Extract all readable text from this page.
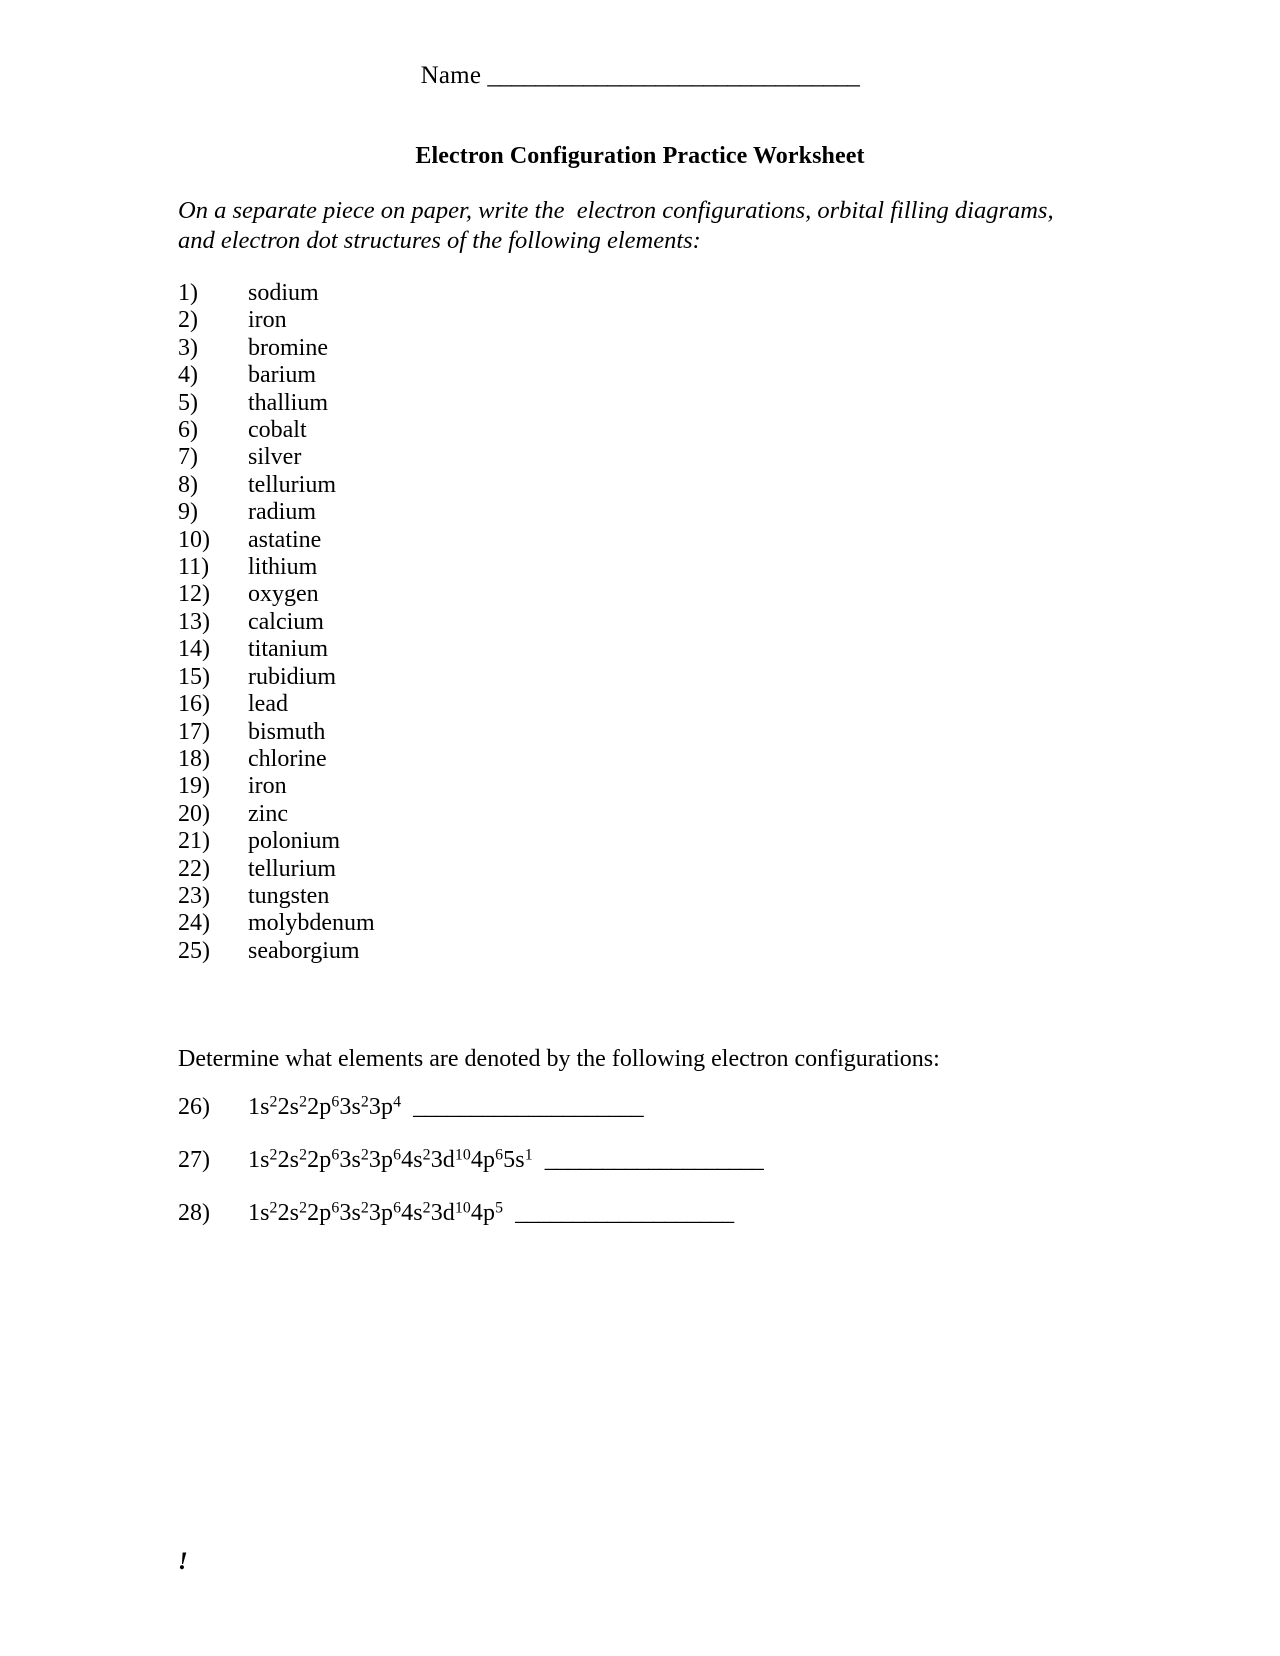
Name _______________________________
Electron Configuration Practice Worksheet
On a separate piece on paper, write the  electron configurations, orbital filling diagrams,
and electron dot structures of the following elements:
1)	sodium
2)	iron
3)	bromine
4)	barium
5)	thallium
6)	cobalt
7)	silver
8)	tellurium
9)	radium
10)	astatine
11)	lithium
12)	oxygen
13)	calcium
14)	titanium
15)	rubidium
16)	lead
17)	bismuth
18)	chlorine
19)	iron
20)	zinc
21)	polonium
22)	tellurium
23)	tungsten
24)	molybdenum
25)	seaborgium
Determine what elements are denoted by the following electron configurations:
26)	$1s^22s^22p^63s^23p^4$ ____________________
27)	$1s^22s^22p^63s^23p^64s^23d^{10}4p^65s^1$ ___________________
28)	$1s^22s^22p^63s^23p^64s^23d^{10}4p^5$ ___________________
!
